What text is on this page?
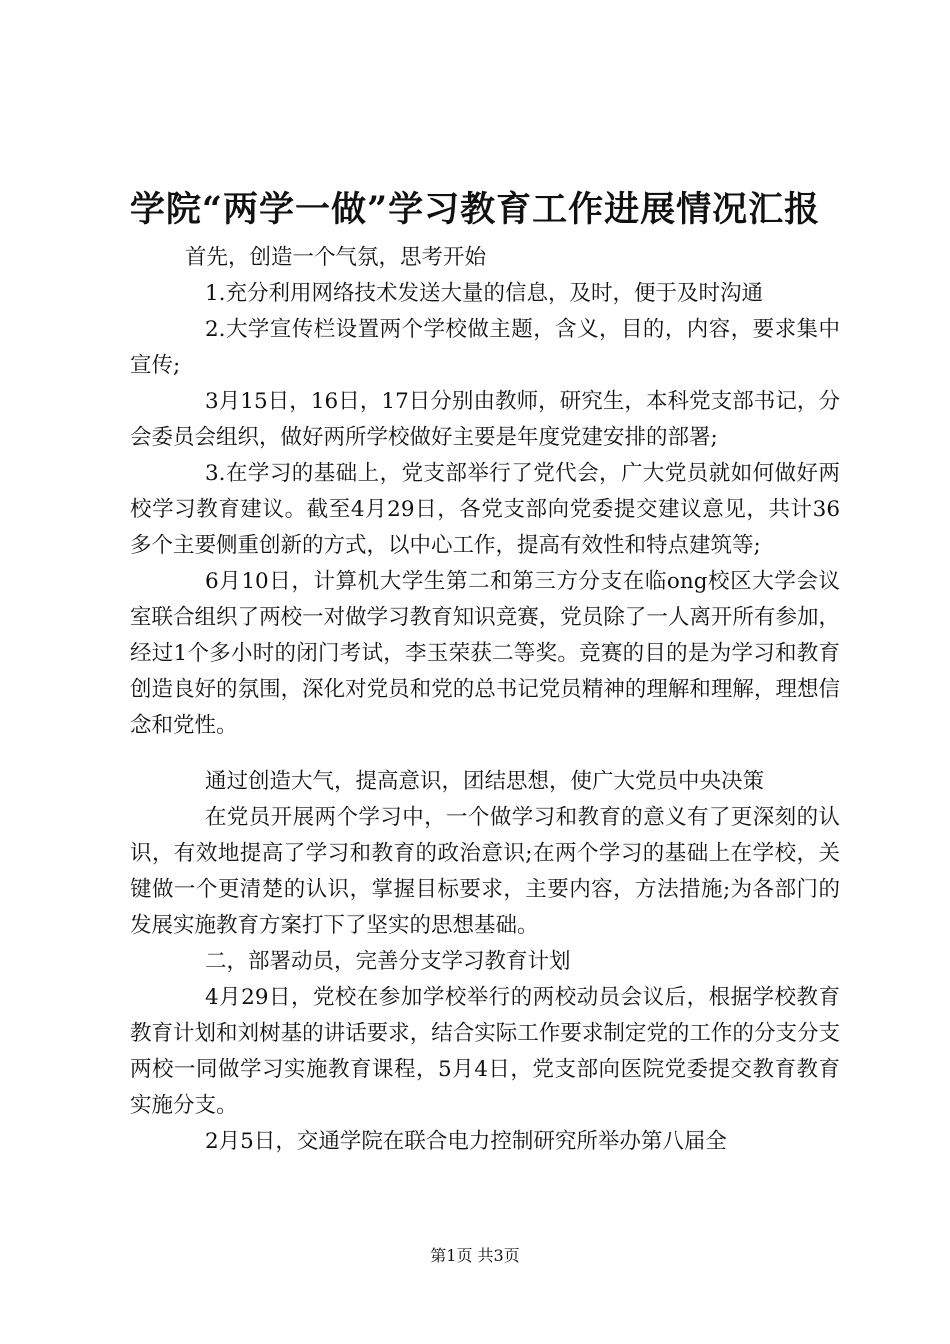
学院“两学一做”学习教育工作进展情况汇报

首先，创造一个气氛，思考开始

1.充分利用网络技术发送大量的信息，及时，便于及时沟通

2.大学宣传栏设置两个学校做主题，含义，目的，内容，要求集中宣传;

3月15日，16日，17日分别由教师，研究生，本科党支部书记，分会委员会组织，做好两所学校做好主要是年度党建安排的部署;

3.在学习的基础上，党支部举行了党代会，广大党员就如何做好两校学习教育建议。截至4月29日，各党支部向党委提交建议意见，共计36多个主要侧重创新的方式，以中心工作，提高有效性和特点建筑等;

6月10日，计算机大学生第二和第三方分支在临ong校区大学会议室联合组织了两校一对做学习教育知识竞赛，党员除了一人离开所有参加，经过1个多小时的闭门考试，李玉荣获二等奖。竞赛的目的是为学习和教育创造良好的氛围，深化对党员和党的总书记党员精神的理解和理解，理想信念和党性。

通过创造大气，提高意识，团结思想，使广大党员中央决策

在党员开展两个学习中，一个做学习和教育的意义有了更深刻的认识，有效地提高了学习和教育的政治意识;在两个学习的基础上在学校，关键做一个更清楚的认识，掌握目标要求，主要内容，方法措施;为各部门的发展实施教育方案打下了坚实的思想基础。

二，部署动员，完善分支学习教育计划

4月29日，党校在参加学校举行的两校动员会议后，根据学校教育教育计划和刘树基的讲话要求，结合实际工作要求制定党的工作的分支分支两校一同做学习实施教育课程，5月4日，党支部向医院党委提交教育教育实施分支。

2月5日，交通学院在联合电力控制研究所举办第八届全

第1页 共3页
